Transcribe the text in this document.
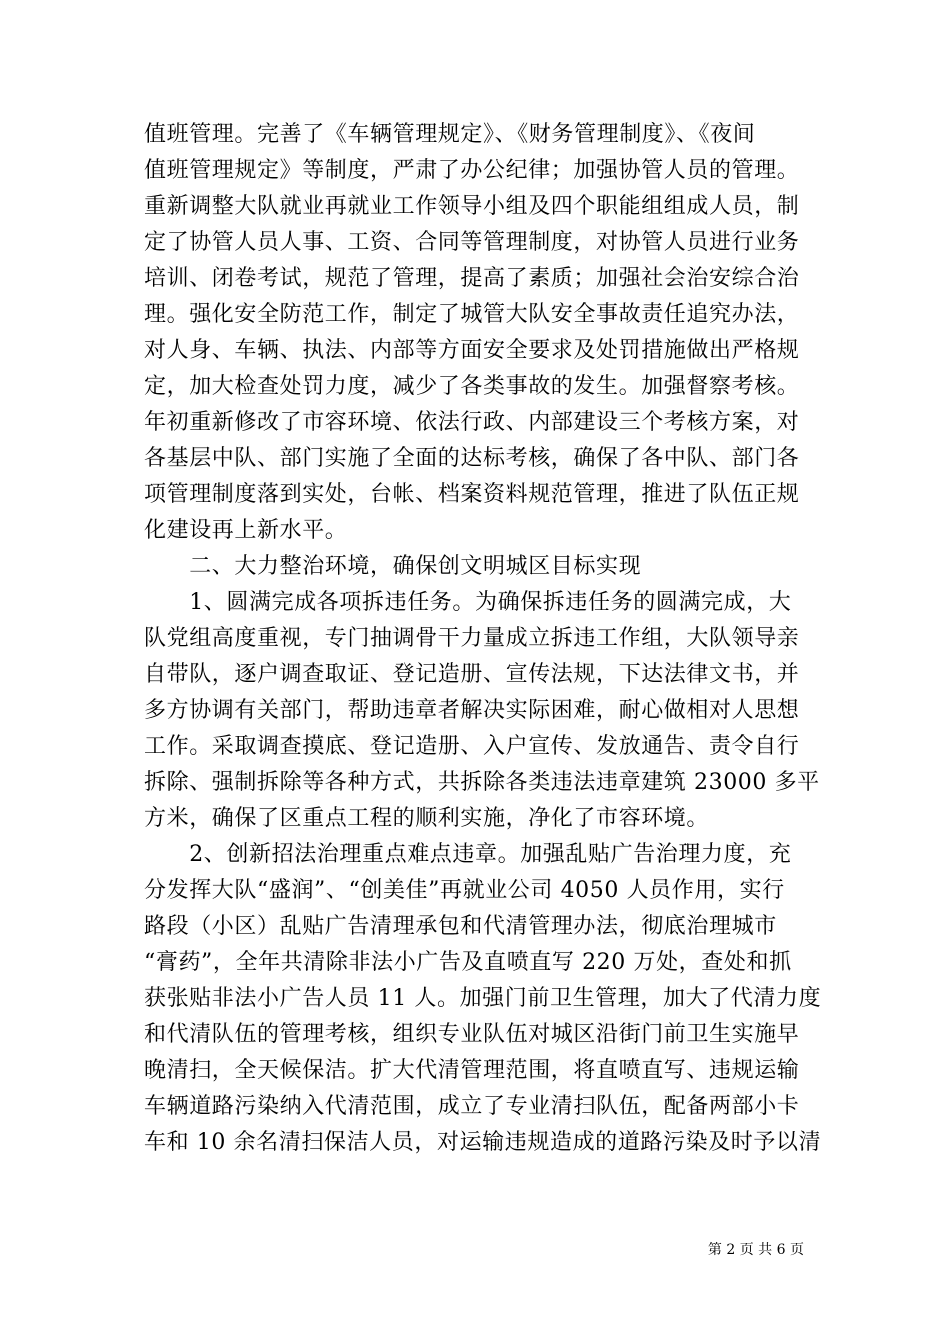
值班管理。完善了《车辆管理规定》、《财务管理制度》、《夜间
值班管理规定》等制度，严肃了办公纪律；加强协管人员的管理。
重新调整大队就业再就业工作领导小组及四个职能组组成人员，制
定了协管人员人事、工资、合同等管理制度，对协管人员进行业务
培训、闭卷考试，规范了管理，提高了素质；加强社会治安综合治
理。强化安全防范工作，制定了城管大队安全事故责任追究办法，
对人身、车辆、执法、内部等方面安全要求及处罚措施做出严格规
定，加大检查处罚力度，减少了各类事故的发生。加强督察考核。
年初重新修改了市容环境、依法行政、内部建设三个考核方案，对
各基层中队、部门实施了全面的达标考核，确保了各中队、部门各
项管理制度落到实处，台帐、档案资料规范管理，推进了队伍正规
化建设再上新水平。
　　二、大力整治环境，确保创文明城区目标实现
　　1、圆满完成各项拆违任务。为确保拆违任务的圆满完成，大
队党组高度重视，专门抽调骨干力量成立拆违工作组，大队领导亲
自带队，逐户调查取证、登记造册、宣传法规，下达法律文书，并
多方协调有关部门，帮助违章者解决实际困难，耐心做相对人思想
工作。采取调查摸底、登记造册、入户宣传、发放通告、责令自行
拆除、强制拆除等各种方式，共拆除各类违法违章建筑 23000 多平
方米，确保了区重点工程的顺利实施，净化了市容环境。
　　2、创新招法治理重点难点违章。加强乱贴广告治理力度，充
分发挥大队“盛润”、“创美佳”再就业公司 4050 人员作用，实行
路段（小区）乱贴广告清理承包和代清管理办法，彻底治理城市
“膏药”，全年共清除非法小广告及直喷直写 220 万处，查处和抓
获张贴非法小广告人员 11 人。加强门前卫生管理，加大了代清力度
和代清队伍的管理考核，组织专业队伍对城区沿街门前卫生实施早
晚清扫，全天候保洁。扩大代清管理范围，将直喷直写、违规运输
车辆道路污染纳入代清范围，成立了专业清扫队伍，配备两部小卡
车和 10 余名清扫保洁人员，对运输违规造成的道路污染及时予以清
第 2 页 共 6 页
